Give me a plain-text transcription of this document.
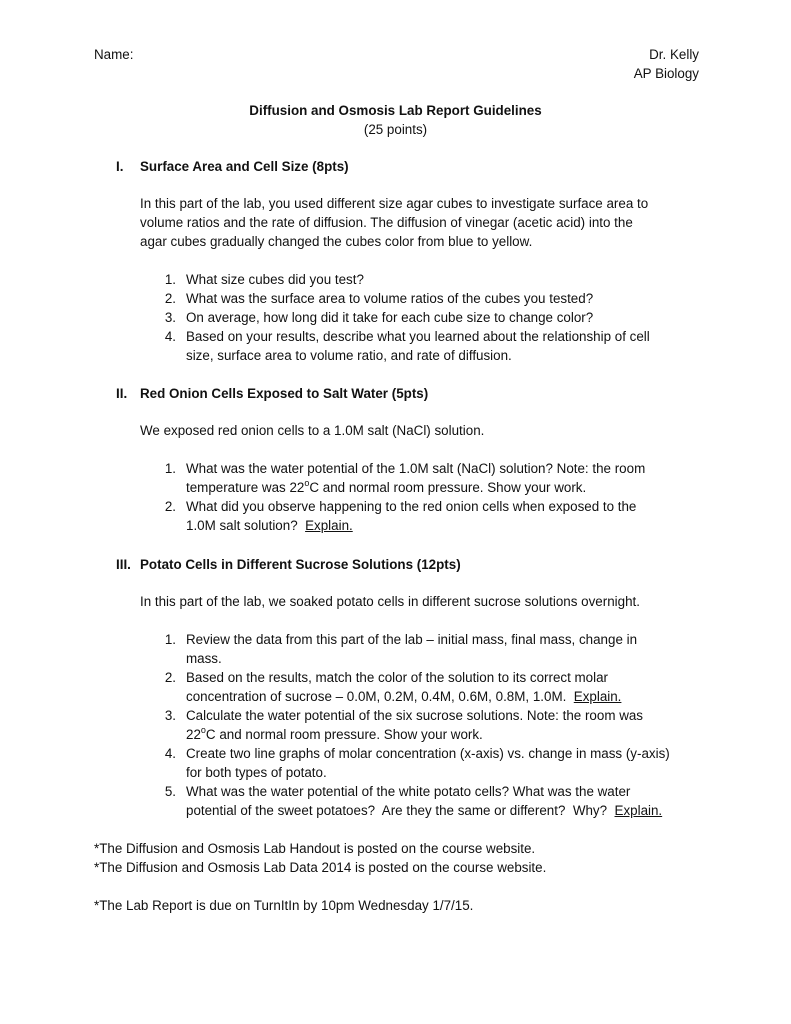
Name:	Dr. Kelly
AP Biology
Diffusion and Osmosis Lab Report Guidelines
(25 points)
I. Surface Area and Cell Size (8pts)
In this part of the lab, you used different size agar cubes to investigate surface area to
volume ratios and the rate of diffusion. The diffusion of vinegar (acetic acid) into the
agar cubes gradually changed the cubes color from blue to yellow.
1. What size cubes did you test?
2. What was the surface area to volume ratios of the cubes you tested?
3. On average, how long did it take for each cube size to change color?
4. Based on your results, describe what you learned about the relationship of cell
size, surface area to volume ratio, and rate of diffusion.
II. Red Onion Cells Exposed to Salt Water (5pts)
We exposed red onion cells to a 1.0M salt (NaCl) solution.
1. What was the water potential of the 1.0M salt (NaCl) solution? Note: the room
temperature was 22$^o$C and normal room pressure. Show your work.
2. What did you observe happening to the red onion cells when exposed to the
1.0M salt solution?  Explain.
III. Potato Cells in Different Sucrose Solutions (12pts)
In this part of the lab, we soaked potato cells in different sucrose solutions overnight.
1. Review the data from this part of the lab – initial mass, final mass, change in
mass.
2. Based on the results, match the color of the solution to its correct molar
concentration of sucrose – 0.0M, 0.2M, 0.4M, 0.6M, 0.8M, 1.0M.  Explain.
3. Calculate the water potential of the six sucrose solutions. Note: the room was
22$^o$C and normal room pressure. Show your work.
4. Create two line graphs of molar concentration (x-axis) vs. change in mass (y-axis)
for both types of potato.
5. What was the water potential of the white potato cells? What was the water
potential of the sweet potatoes?  Are they the same or different?  Why?  Explain.
*The Diffusion and Osmosis Lab Handout is posted on the course website.
*The Diffusion and Osmosis Lab Data 2014 is posted on the course website.
*The Lab Report is due on TurnItIn by 10pm Wednesday 1/7/15.
